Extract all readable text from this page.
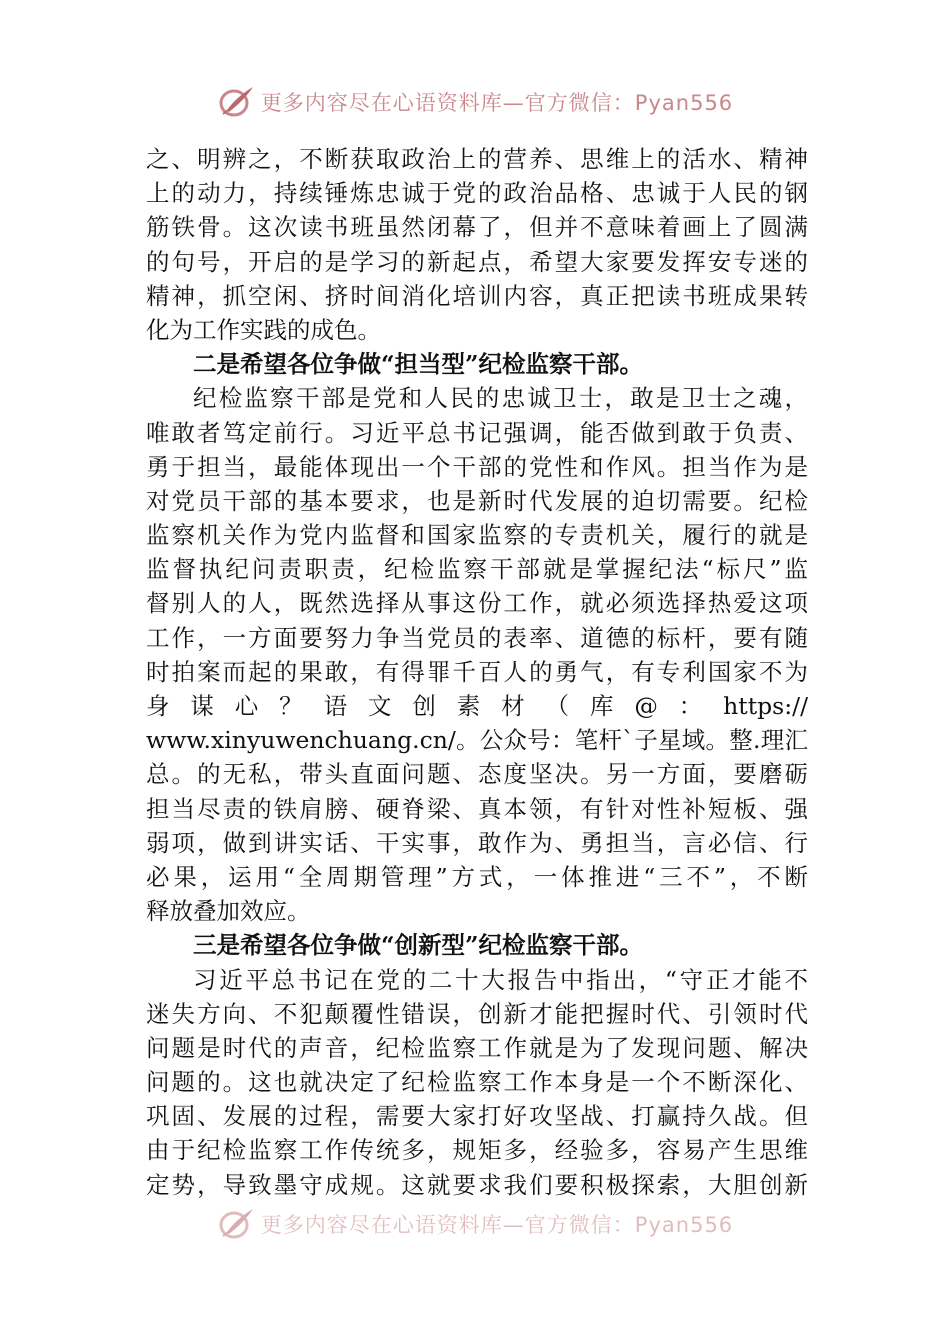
更多内容尽在心语资料库—官方微信：Pyan556
之、明辨之，不断获取政治上的营养、思维上的活水、精神
上的动力，持续锤炼忠诚于党的政治品格、忠诚于人民的钢
筋铁骨。这次读书班虽然闭幕了，但并不意味着画上了圆满
的句号，开启的是学习的新起点，希望大家要发挥安专迷的
精神，抓空闲、挤时间消化培训内容，真正把读书班成果转
化为工作实践的成色。
二是希望各位争做“担当型”纪检监察干部。
纪检监察干部是党和人民的忠诚卫士，敢是卫士之魂，
唯敢者笃定前行。习近平总书记强调，能否做到敢于负责、
勇于担当，最能体现出一个干部的党性和作风。担当作为是
对党员干部的基本要求，也是新时代发展的迫切需要。纪检
监察机关作为党内监督和国家监察的专责机关，履行的就是
监督执纪问责职责，纪检监察干部就是掌握纪法“标尺”监
督别人的人，既然选择从事这份工作，就必须选择热爱这项
工作，一方面要努力争当党员的表率、道德的标杆，要有随
时拍案而起的果敢，有得罪千百人的勇气，有专利国家不为
身谋心？语文创素材（库@：https://
www.xinyuwenchuang.cn/。公众号：笔杆`子星域。整.理汇
总。的无私，带头直面问题、态度坚决。另一方面，要磨砺
担当尽责的铁肩膀、硬脊梁、真本领，有针对性补短板、强
弱项，做到讲实话、干实事，敢作为、勇担当，言必信、行
必果，运用“全周期管理”方式，一体推进“三不”，不断
释放叠加效应。
三是希望各位争做“创新型”纪检监察干部。
习近平总书记在党的二十大报告中指出，“守正才能不
迷失方向、不犯颠覆性错误，创新才能把握时代、引领时代
问题是时代的声音，纪检监察工作就是为了发现问题、解决
问题的。这也就决定了纪检监察工作本身是一个不断深化、
巩固、发展的过程，需要大家打好攻坚战、打赢持久战。但
由于纪检监察工作传统多，规矩多，经验多，容易产生思维
定势，导致墨守成规。这就要求我们要积极探索，大胆创新
更多内容尽在心语资料库—官方微信：Pyan556
